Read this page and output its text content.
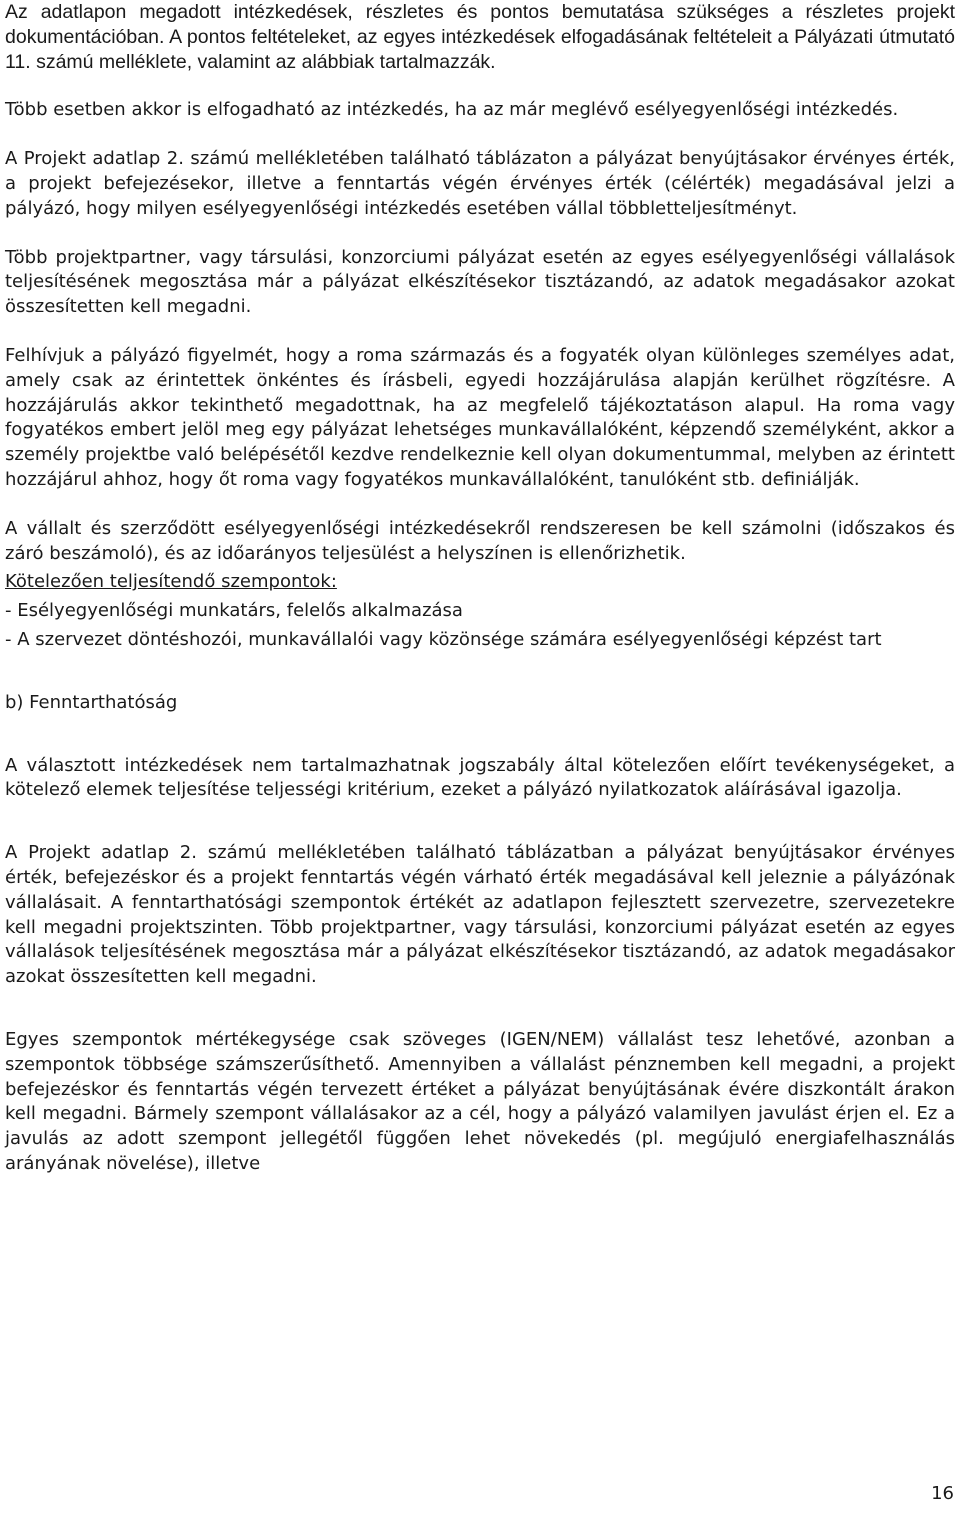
Az adatlapon megadott intézkedések, részletes és pontos bemutatása szükséges a részletes projekt dokumentációban. A pontos feltételeket, az egyes intézkedések elfogadásának feltételeit a Pályázati útmutató 11. számú melléklete, valamint az alábbiak tartalmazzák.

Több esetben akkor is elfogadható az intézkedés, ha az már meglévő esélyegyenlőségi intézkedés.

A Projekt adatlap 2. számú mellékletében található táblázaton a pályázat benyújtásakor érvényes érték, a projekt befejezésekor, illetve a fenntartás végén érvényes érték (célérték) megadásával jelzi a pályázó, hogy milyen esélyegyenlőségi intézkedés esetében vállal többletteljesítményt.

Több projektpartner, vagy társulási, konzorciumi pályázat esetén az egyes esélyegyenlőségi vállalások teljesítésének megosztása már a pályázat elkészítésekor tisztázandó, az adatok megadásakor azokat összesítetten kell megadni.

Felhívjuk a pályázó figyelmét, hogy a roma származás és a fogyaték olyan különleges személyes adat, amely csak az érintettek önkéntes és írásbeli, egyedi hozzájárulása alapján kerülhet rögzítésre. A hozzájárulás akkor tekinthető megadottnak, ha az megfelelő tájékoztatáson alapul. Ha roma vagy fogyatékos embert jelöl meg egy pályázat lehetséges munkavállalóként, képzendő személyként, akkor a személy projektbe való belépésétől kezdve rendelkeznie kell olyan dokumentummal, melyben az érintett hozzájárul ahhoz, hogy őt roma vagy fogyatékos munkavállalóként, tanulóként stb. definiálják.

A vállalt és szerződött esélyegyenlőségi intézkedésekről rendszeresen be kell számolni (időszakos és záró beszámoló), és az időarányos teljesülést a helyszínen is ellenőrizhetik.

Kötelezően teljesítendő szempontok:

- Esélyegyenlőségi munkatárs, felelős alkalmazása

- A szervezet döntéshozói, munkavállalói vagy közönsége számára esélyegyenlőségi képzést tart

b) Fenntarthatóság

A választott intézkedések nem tartalmazhatnak jogszabály által kötelezően előírt tevékenységeket, a kötelező elemek teljesítése teljességi kritérium, ezeket a pályázó nyilatkozatok aláírásával igazolja.

A Projekt adatlap 2. számú mellékletében található táblázatban a pályázat benyújtásakor érvényes érték, befejezéskor és a projekt fenntartás végén várható érték megadásával kell jeleznie a pályázónak vállalásait. A fenntarthatósági szempontok értékét az adatlapon fejlesztett szervezetre, szervezetekre kell megadni projektszinten. Több projektpartner, vagy társulási, konzorciumi pályázat esetén az egyes vállalások teljesítésének megosztása már a pályázat elkészítésekor tisztázandó, az adatok megadásakor azokat összesítetten kell megadni.

Egyes szempontok mértékegysége csak szöveges (IGEN/NEM) vállalást tesz lehetővé, azonban a szempontok többsége számszerűsíthető. Amennyiben a vállalást pénznemben kell megadni, a projekt befejezéskor és fenntartás végén tervezett értéket a pályázat benyújtásának évére diszkontált árakon kell megadni. Bármely szempont vállalásakor az a cél, hogy a pályázó valamilyen javulást érjen el. Ez a javulás az adott szempont jellegétől függően lehet növekedés (pl. megújuló energiafelhasználás arányának növelése), illetve

16
